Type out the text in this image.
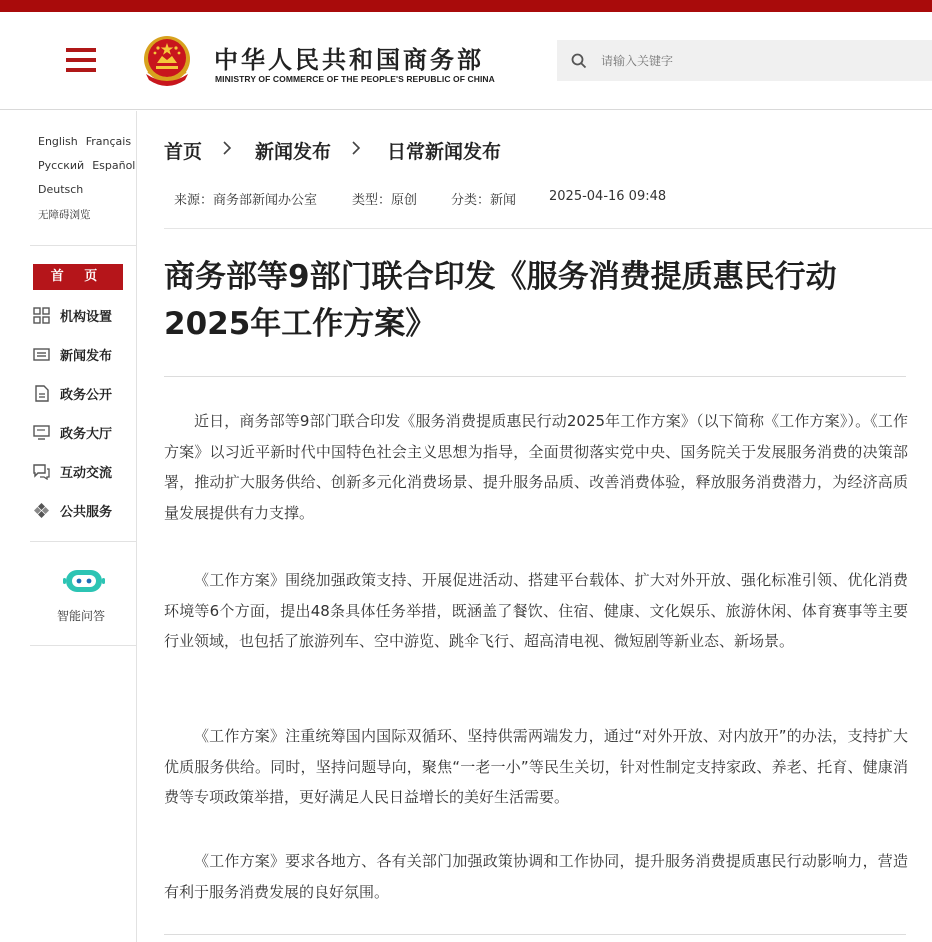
中华人民共和国商务部
MINISTRY OF COMMERCE OF THE PEOPLE'S REPUBLIC OF CHINA
请输入关键字
English Français
Русский Español
Deutsch
无障碍浏览
首 页
机构设置
新闻发布
政务公开
政务大厅
互动交流
公共服务
智能问答
首页	新闻发布	日常新闻发布
来源：商务部新闻办公室	类型：原创	分类：新闻	2025-04-16 09:48
商务部等9部门联合印发《服务消费提质惠民行动2025年工作方案》

近日，商务部等9部门联合印发《服务消费提质惠民行动2025年工作方案》（以下简称《工作方案》）。《工作方案》以习近平新时代中国特色社会主义思想为指导，全面贯彻落实党中央、国务院关于发展服务消费的决策部署，推动扩大服务供给、创新多元化消费场景、提升服务品质、改善消费体验，释放服务消费潜力，为经济高质量发展提供有力支撑。

《工作方案》围绕加强政策支持、开展促进活动、搭建平台载体、扩大对外开放、强化标准引领、优化消费环境等6个方面，提出48条具体任务举措，既涵盖了餐饮、住宿、健康、文化娱乐、旅游休闲、体育赛事等主要行业领域，也包括了旅游列车、空中游览、跳伞飞行、超高清电视、微短剧等新业态、新场景。

《工作方案》注重统筹国内国际双循环、坚持供需两端发力，通过“对外开放、对内放开”的办法，支持扩大优质服务供给。同时，坚持问题导向，聚焦“一老一小”等民生关切，针对性制定支持家政、养老、托育、健康消费等专项政策举措，更好满足人民日益增长的美好生活需要。

《工作方案》要求各地方、各有关部门加强政策协调和工作协同，提升服务消费提质惠民行动影响力，营造有利于服务消费发展的良好氛围。
